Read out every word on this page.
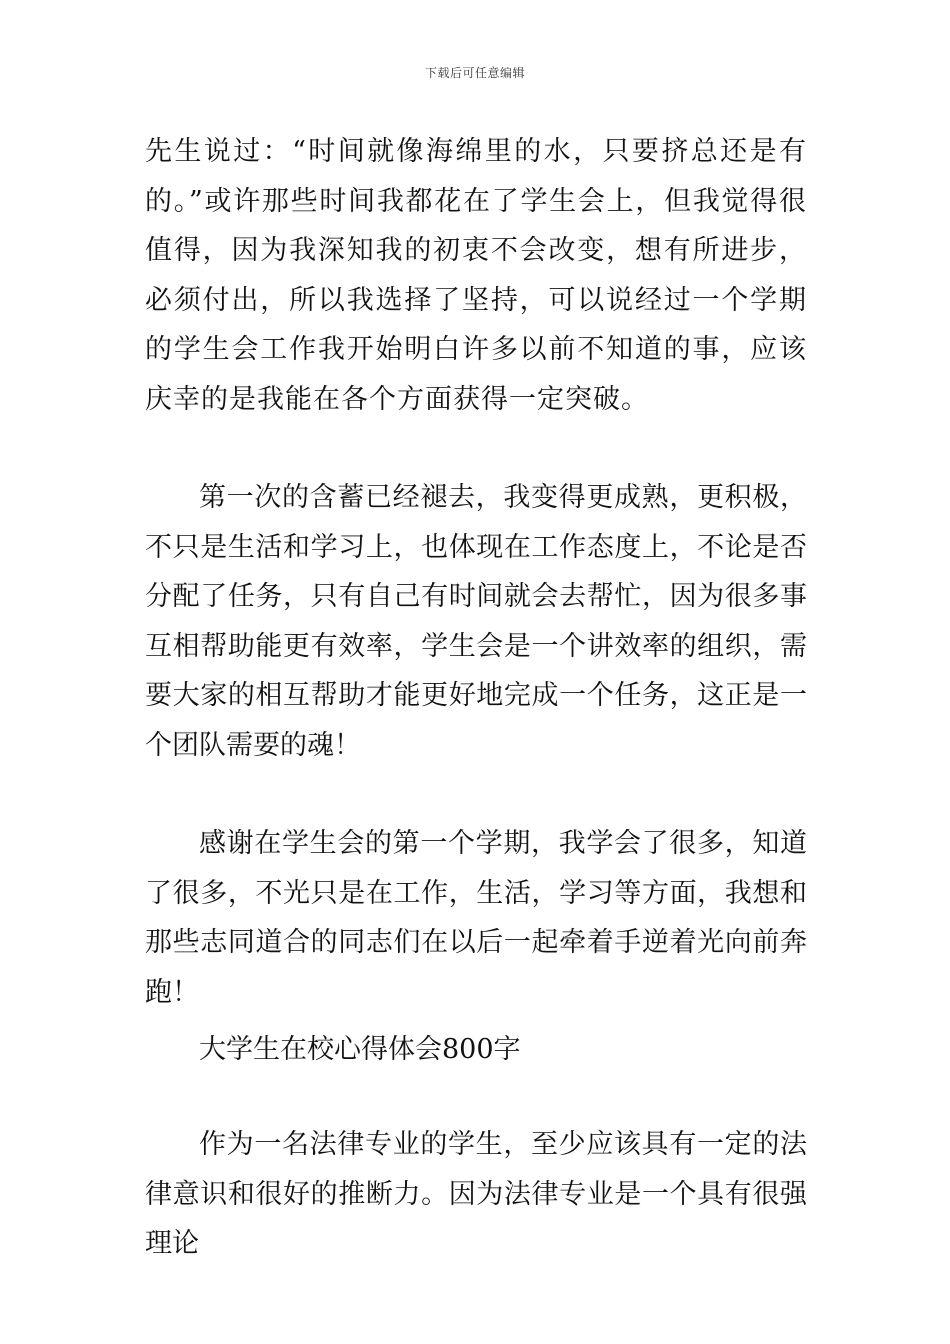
下载后可任意编辑

先生说过：“时间就像海绵里的水，只要挤总还是有的。”或许那些时间我都花在了学生会上，但我觉得很值得，因为我深知我的初衷不会改变，想有所进步，必须付出，所以我选择了坚持，可以说经过一个学期的学生会工作我开始明白许多以前不知道的事，应该庆幸的是我能在各个方面获得一定突破。

第一次的含蓄已经褪去，我变得更成熟，更积极，不只是生活和学习上，也体现在工作态度上，不论是否分配了任务，只有自己有时间就会去帮忙，因为很多事互相帮助能更有效率，学生会是一个讲效率的组织，需要大家的相互帮助才能更好地完成一个任务，这正是一个团队需要的魂！

感谢在学生会的第一个学期，我学会了很多，知道了很多，不光只是在工作，生活，学习等方面，我想和那些志同道合的同志们在以后一起牵着手逆着光向前奔跑！

大学生在校心得体会800字

作为一名法律专业的学生，至少应该具有一定的法律意识和很好的推断力。因为法律专业是一个具有很强理论
